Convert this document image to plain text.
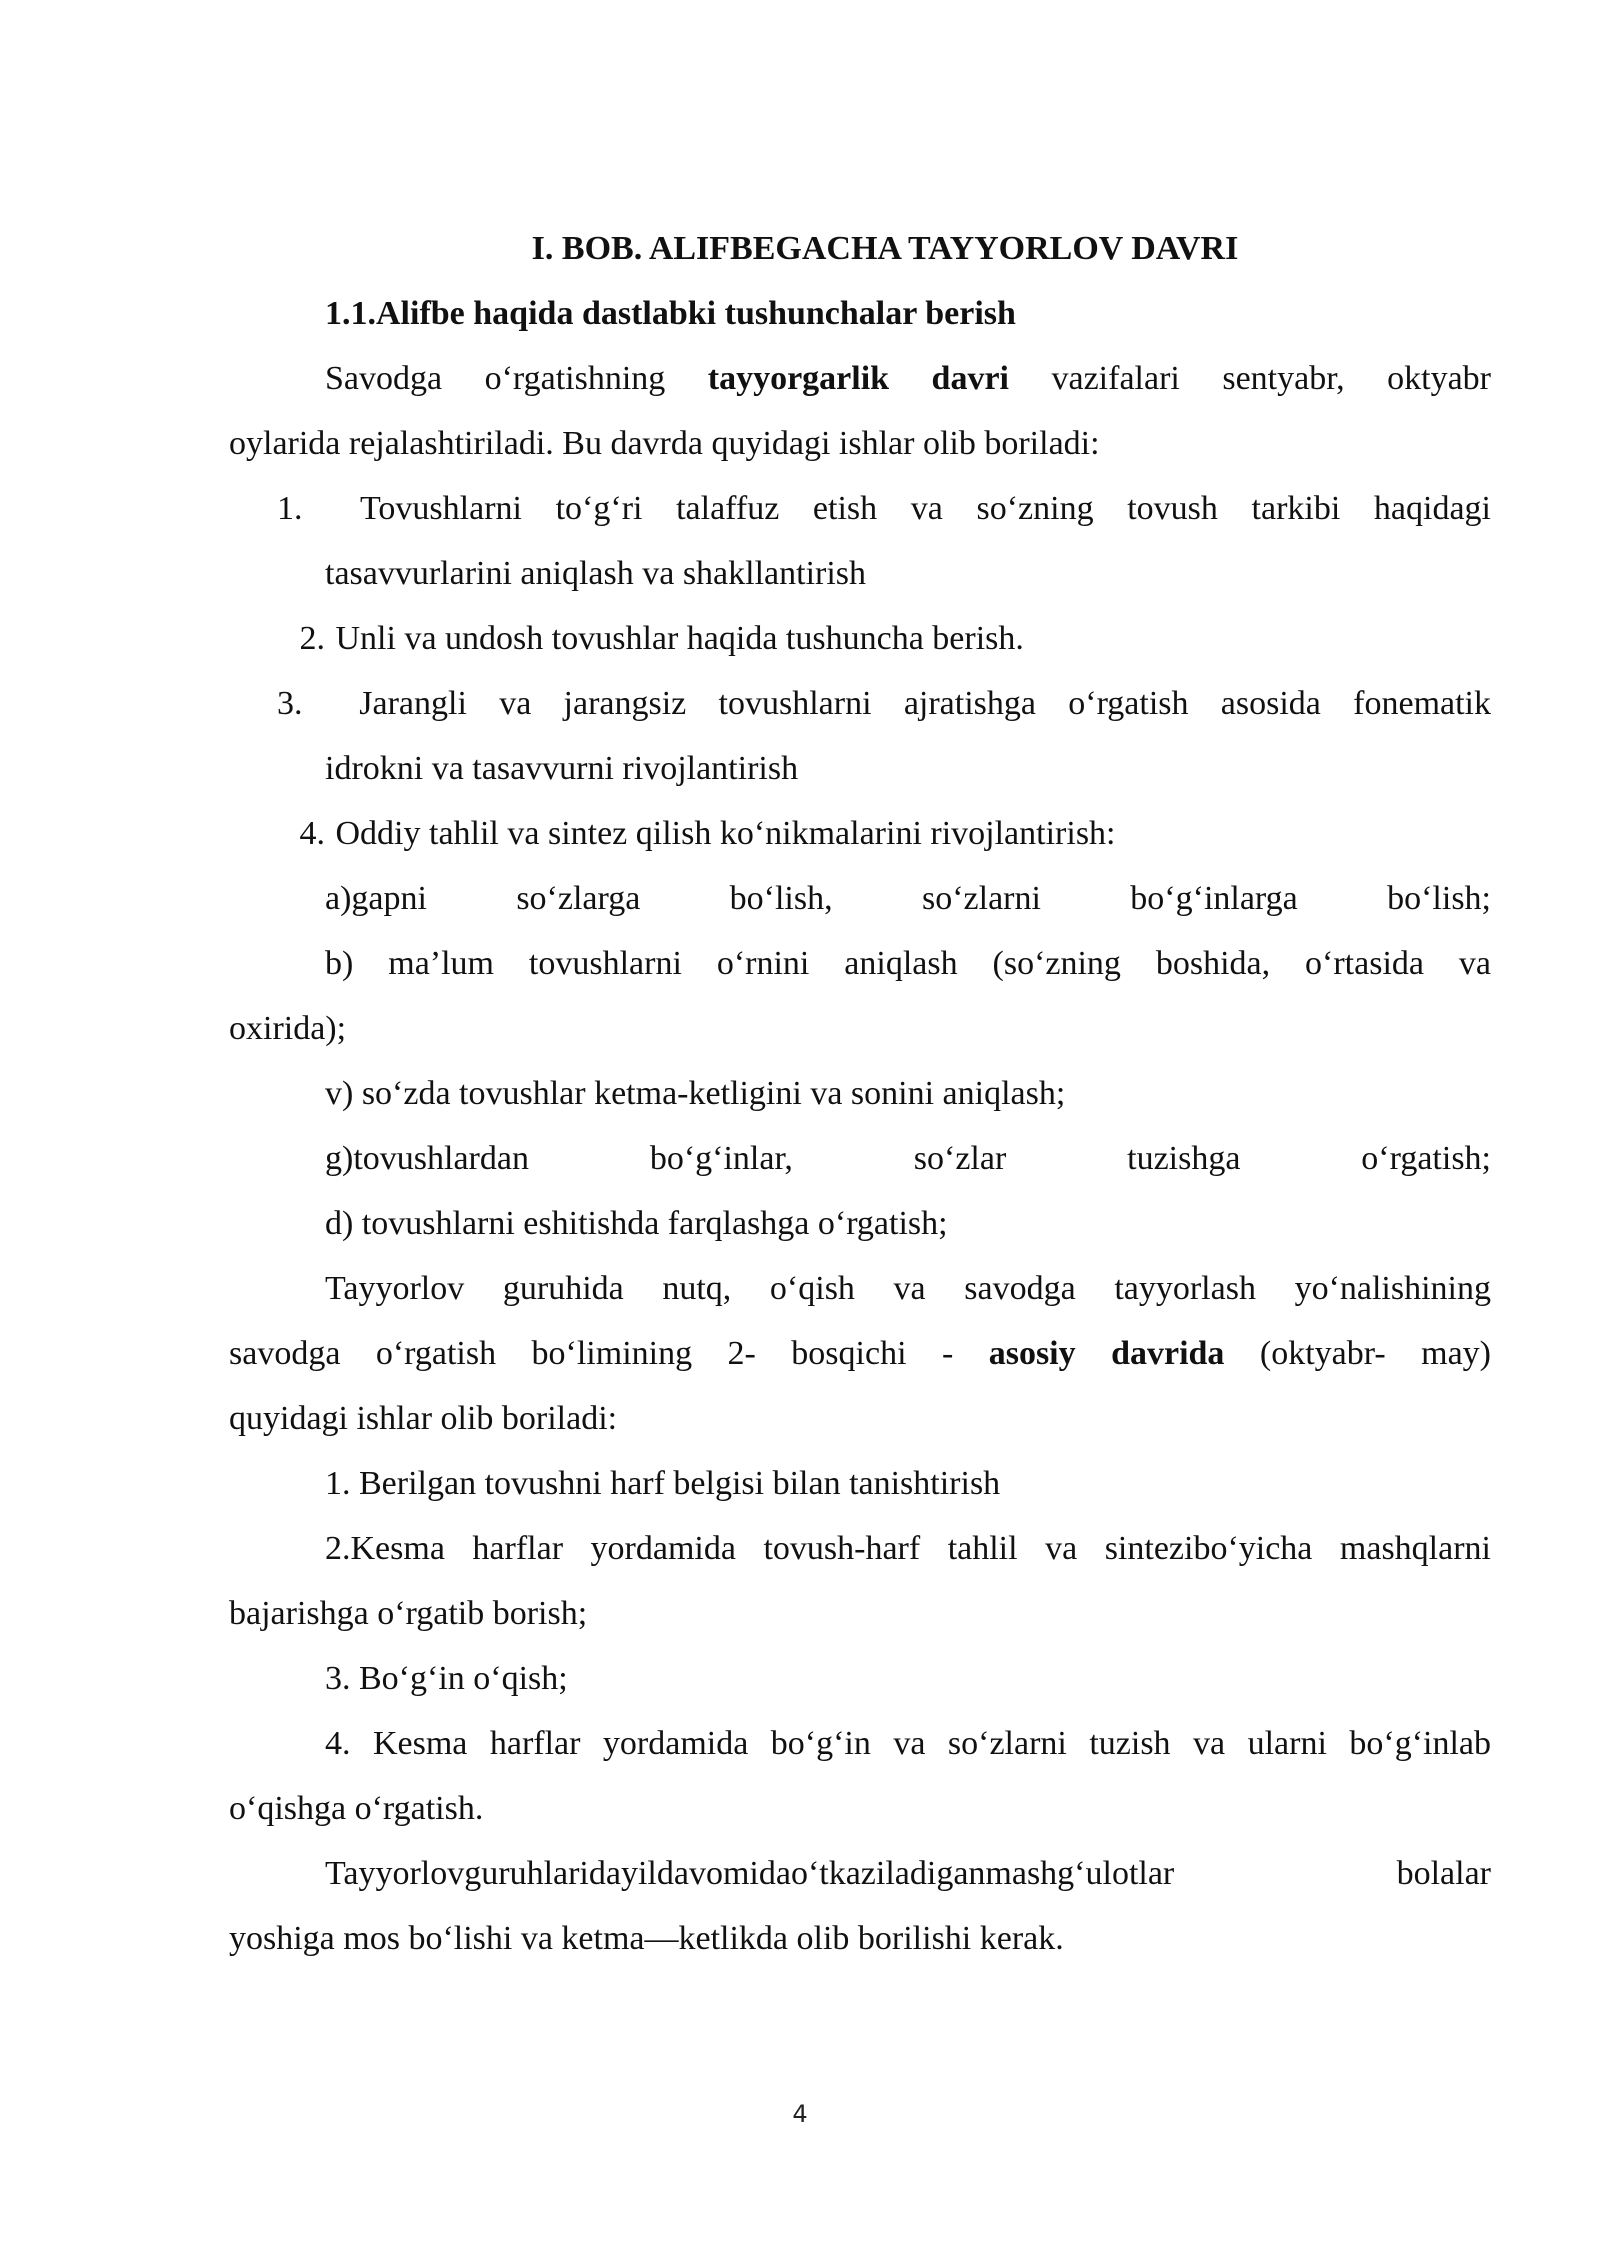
I. BOB. ALIFBEGACHA TAYYORLOV DAVRI
1.1.Alifbe haqida dastlabki tushunchalar berish
Savodga o‘rgatishning tayyorgarlik davri vazifalari sentyabr, oktyabr
oylarida rejalashtiriladi. Bu davrda quyidagi ishlar olib boriladi:
1. Tovushlarni to‘g‘ri talaffuz etish va so‘zning tovush tarkibi haqidagi
tasavvurlarini aniqlash va shakllantirish
2. Unli va undosh tovushlar haqida tushuncha berish.
3. Jarangli va jarangsiz tovushlarni ajratishga o‘rgatish asosida fonematik
idrokni va tasavvurni rivojlantirish
4. Oddiy tahlil va sintez qilish ko‘nikmalarini rivojlantirish:
a)gapni so‘zlarga bo‘lish, so‘zlarni bo‘g‘inlarga bo‘lish;
b) ma’lum tovushlarni o‘rnini aniqlash (so‘zning boshida, o‘rtasida va
oxirida);
v) so‘zda tovushlar ketma-ketligini va sonini aniqlash;
g)tovushlardan bo‘g‘inlar, so‘zlar tuzishga o‘rgatish;
d) tovushlarni eshitishda farqlashga o‘rgatish;
Tayyorlov guruhida nutq, o‘qish va savodga tayyorlash yo‘nalishining
savodga o‘rgatish bo‘limining 2- bosqichi - asosiy davrida (oktyabr- may)
quyidagi ishlar olib boriladi:
1. Berilgan tovushni harf belgisi bilan tanishtirish
2.Kesma harflar yordamida tovush-harf tahlil va sintezibo‘yicha mashqlarni
bajarishga o‘rgatib borish;
3. Bo‘g‘in o‘qish;
4. Kesma harflar yordamida bo‘g‘in va so‘zlarni tuzish va ularni bo‘g‘inlab
o‘qishga o‘rgatish.
Tayyorlovguruhlaridayildavomidao‘tkaziladiganmashg‘ulotlar bolalar
yoshiga mos bo‘lishi va ketma—ketlikda olib borilishi kerak.
4
